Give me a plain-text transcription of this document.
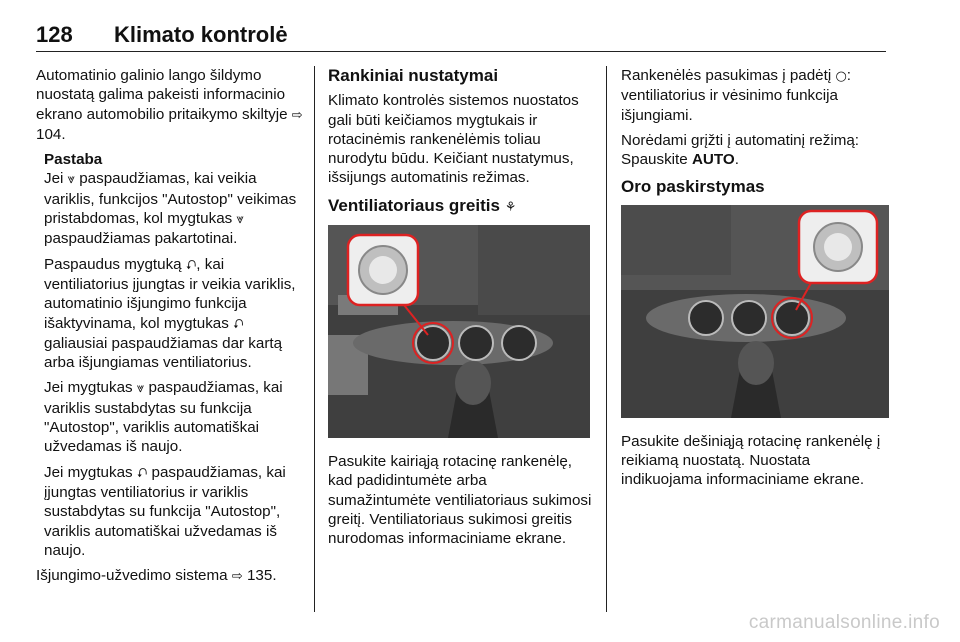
128 Klimato kontrolė

Automatinio galinio lango šildymo nuostatą galima pakeisti informacinio ekrano automobilio pritaikymo skiltyje ⇨ 104.

Pastaba
Jei ⩔ paspaudžiamas, kai veikia variklis, funkcijos "Autostop" veikimas pristabdomas, kol mygtukas ⩔ paspaudžiamas pakartotinai.

Paspaudus mygtuką ⮏, kai ventiliatorius įjungtas ir veikia variklis, automatinio išjungimo funkcija išaktyvinama, kol mygtukas ⮏ galiausiai paspaudžiamas dar kartą arba išjungiamas ventiliatorius.

Jei mygtukas ⩔ paspaudžiamas, kai variklis sustabdytas su funkcija "Autostop", variklis automatiškai užvedamas iš naujo.

Jei mygtukas ⮏ paspaudžiamas, kai įjungtas ventiliatorius ir variklis sustabdytas su funkcija "Autostop", variklis automatiškai užvedamas iš naujo.

Išjungimo-užvedimo sistema ⇨ 135.

Rankiniai nustatymai

Klimato kontrolės sistemos nuostatos gali būti keičiamos mygtukais ir rotacinėmis rankenėlėmis toliau nurodytu būdu. Keičiant nustatymus, išsijungs automatinis režimas.

Ventiliatoriaus greitis ⚘

Pasukite kairiąją rotacinę rankenėlę, kad padidintumėte arba sumažintumėte ventiliatoriaus sukimosi greitį. Ventiliatoriaus sukimosi greitis nurodomas informaciniame ekrane.

Rankenėlės pasukimas į padėtį ○: ventiliatorius ir vėsinimo funkcija išjungiami.

Norėdami grįžti į automatinį režimą: Spauskite AUTO.

Oro paskirstymas

Pasukite dešiniąją rotacinę rankenėlę į reikiamą nuostatą. Nuostata indikuojama informaciniame ekrane.

carmanualsonline.info
